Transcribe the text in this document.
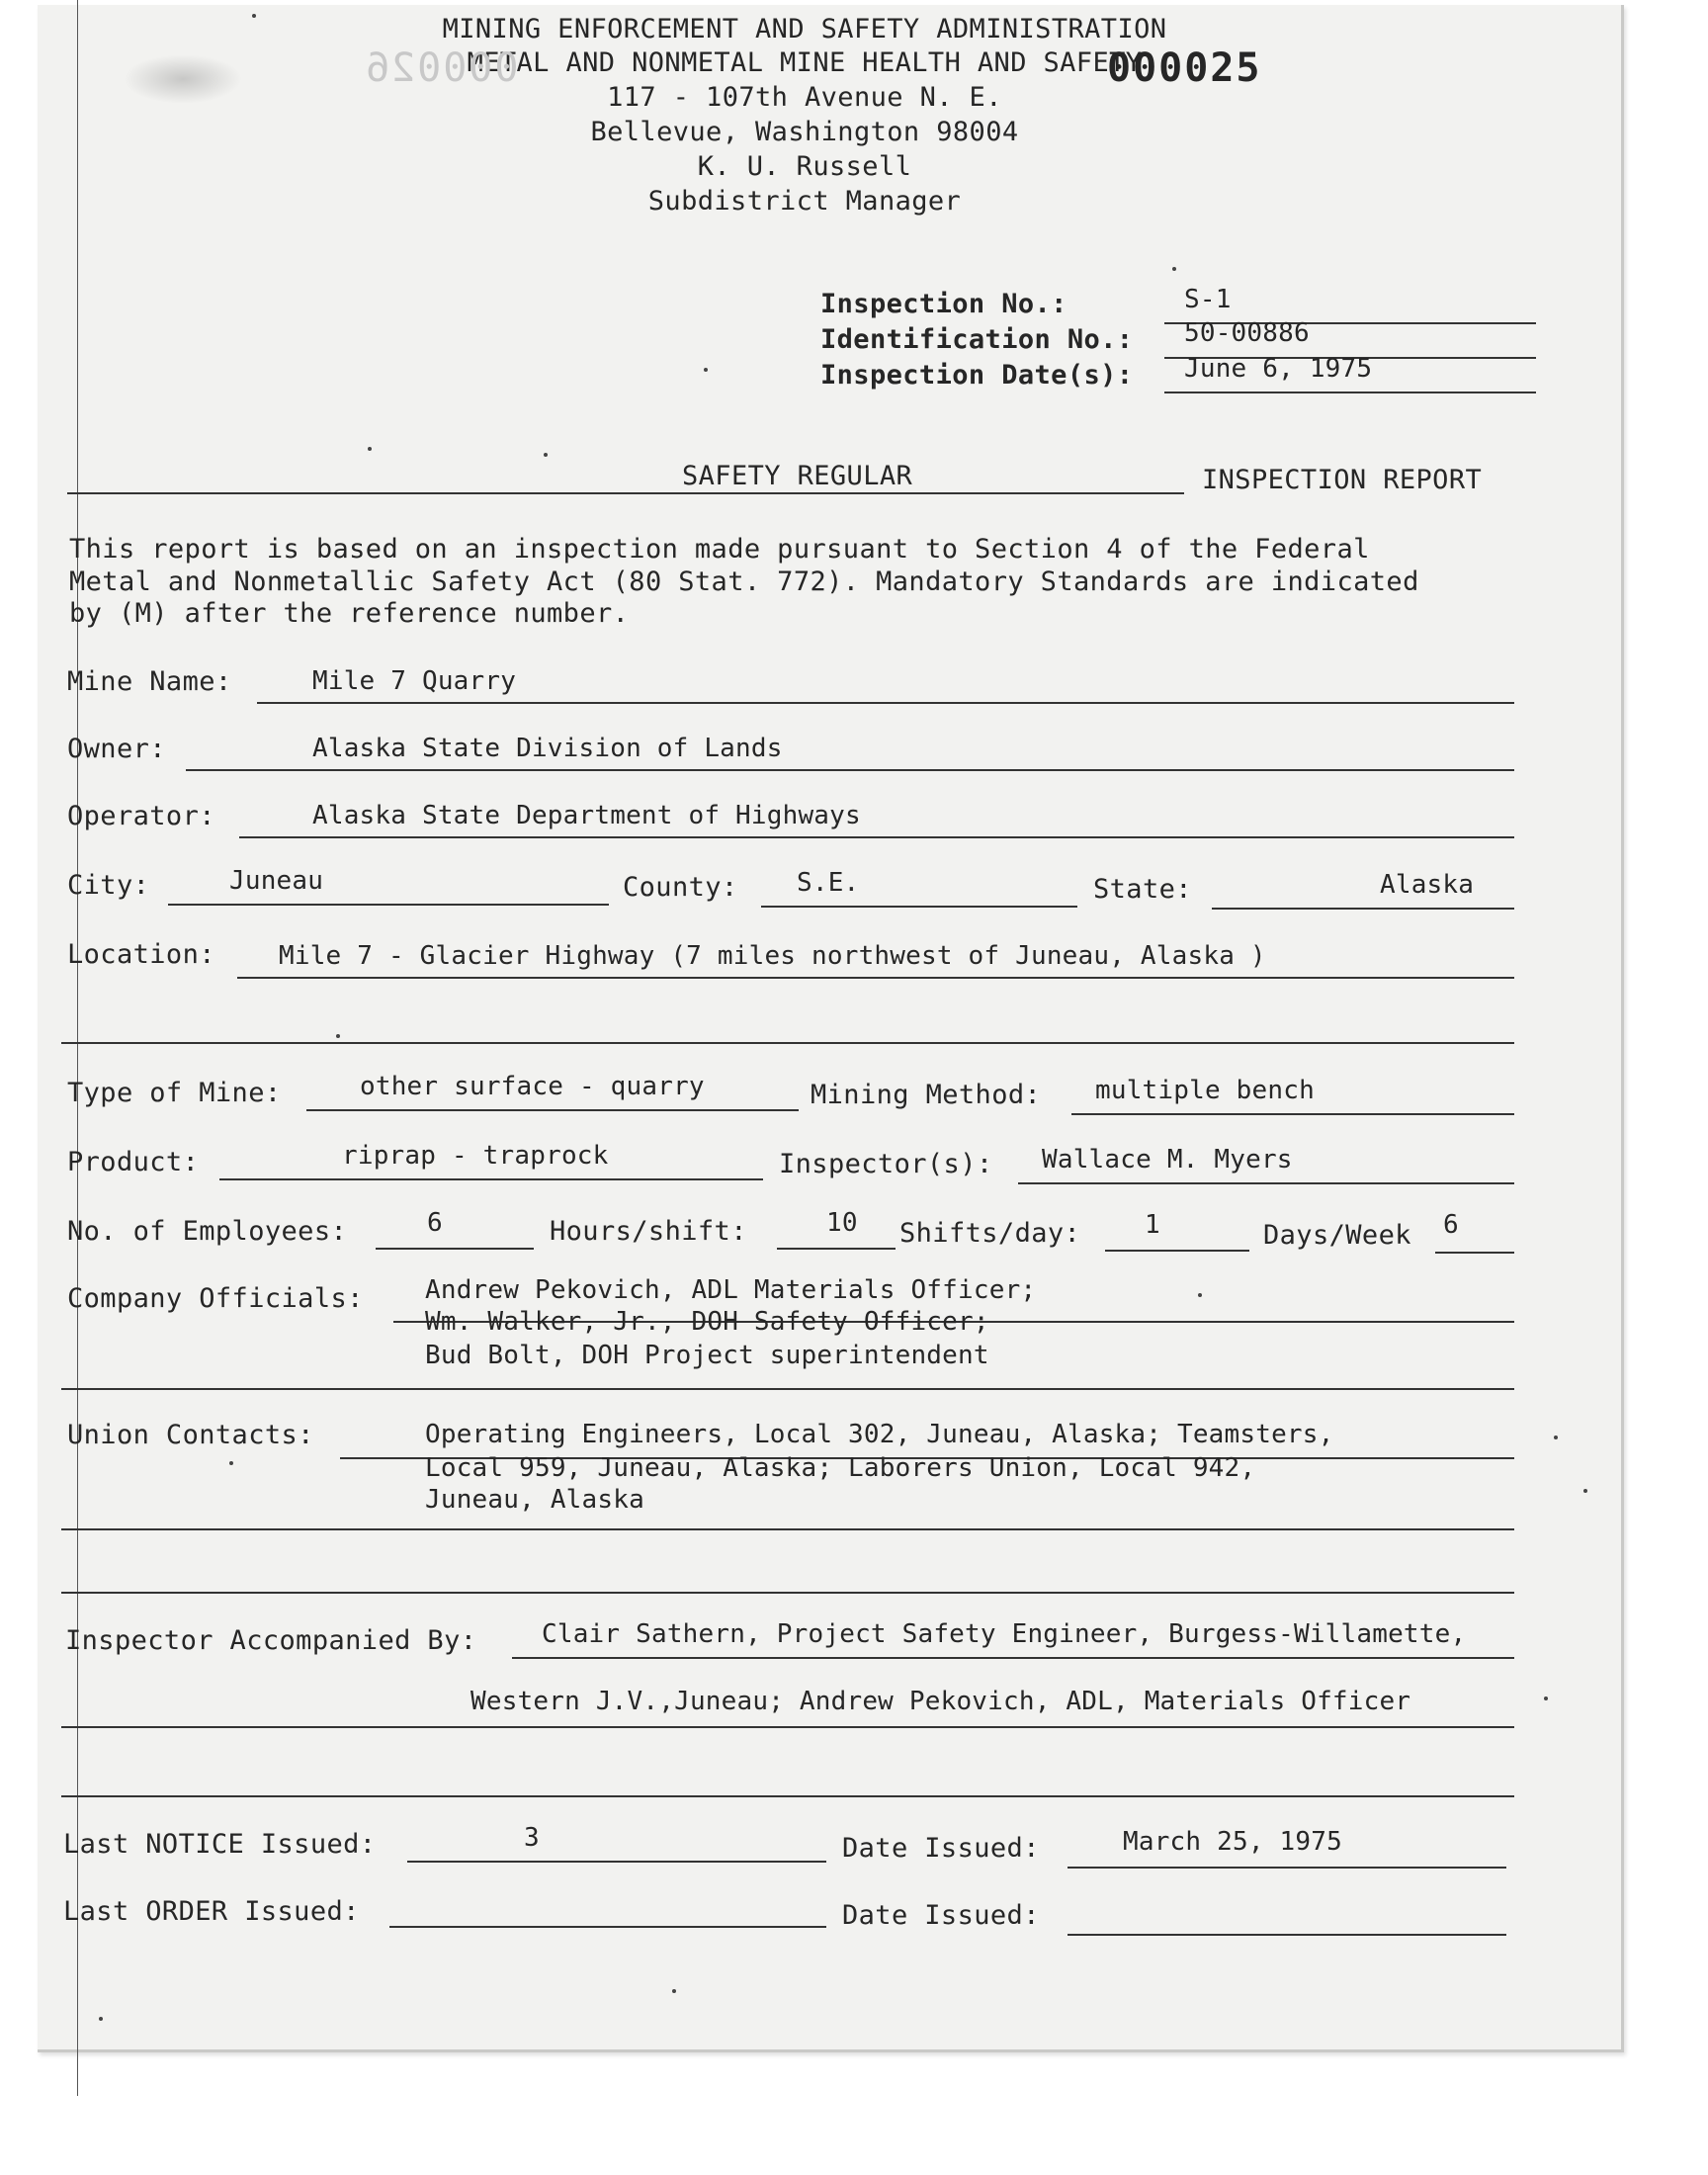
MINING ENFORCEMENT AND SAFETY ADMINISTRATION
METAL AND NONMETAL MINE HEALTH AND SAFETY
117 - 107th Avenue N. E.
Bellevue, Washington 98004
K. U. Russell
Subdistrict Manager
000025
000026
Inspection No.:	S-1
Identification No.: 50-00886
Inspection Date(s): June 6, 1975
SAFETY REGULAR	INSPECTION REPORT
This report is based on an inspection made pursuant to Section 4 of the Federal
Metal and Nonmetallic Safety Act (80 Stat. 772). Mandatory Standards are indicated
by (M) after the reference number.
Mine Name:	Mile 7 Quarry
Owner:	Alaska State Division of Lands
Operator:	Alaska State Department of Highways
City:	Juneau	County: S.E.	State:	Alaska
Location: Mile 7 - Glacier Highway (7 miles northwest of Juneau, Alaska )
Type of Mine:	other surface - quarry	Mining Method: multiple bench
Product:	riprap - traprock	Inspector(s): Wallace M. Myers
No. of Employees:	6	Hours/shift:	10 Shifts/day: 1	Days/Week 6
Company Officials: Andrew Pekovich, ADL Materials Officer;
Wm. Walker, Jr., DOH Safety Officer;
Bud Bolt, DOH Project superintendent
Union Contacts:	Operating Engineers, Local 302, Juneau, Alaska; Teamsters,
Local 959, Juneau, Alaska; Laborers Union, Local 942,
Juneau, Alaska
Inspector Accompanied By:	Clair Sathern, Project Safety Engineer, Burgess-Willamette,
Western J.V.,Juneau; Andrew Pekovich, ADL, Materials Officer
Last NOTICE Issued:	3	Date Issued:	March 25, 1975
Last ORDER Issued:	Date Issued:
